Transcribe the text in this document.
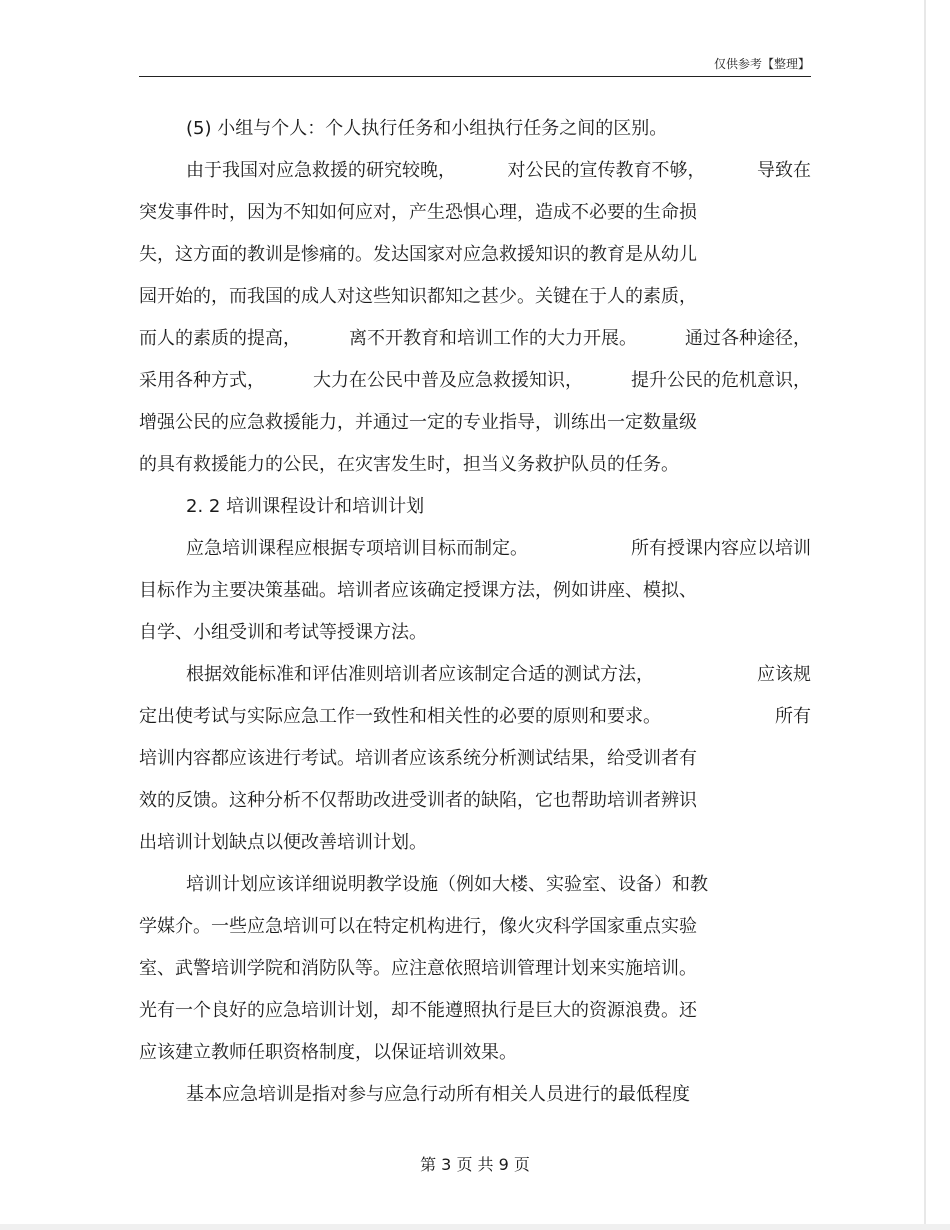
仅供参考【整理】
(5) 小组与个人：个人执行任务和小组执行任务之间的区别。
由于我国对应急救援的研究较晚，	对公民的宣传教育不够，	导致在
突发事件时，因为不知如何应对，产生恐惧心理，造成不必要的生命损
失，这方面的教训是惨痛的。发达国家对应急救援知识的教育是从幼儿
园开始的，而我国的成人对这些知识都知之甚少。关键在于人的素质，
而人的素质的提高，	离不开教育和培训工作的大力开展。	通过各种途径，
采用各种方式，	大力在公民中普及应急救援知识，	提升公民的危机意识，
增强公民的应急救援能力，并通过一定的专业指导，训练出一定数量级
的具有救援能力的公民，在灾害发生时，担当义务救护队员的任务。
2. 2 培训课程设计和培训计划
应急培训课程应根据专项培训目标而制定。	所有授课内容应以培训
目标作为主要决策基础。培训者应该确定授课方法，例如讲座、模拟、
自学、小组受训和考试等授课方法。
根据效能标准和评估准则培训者应该制定合适的测试方法，	应该规
定出使考试与实际应急工作一致性和相关性的必要的原则和要求。	所有
培训内容都应该进行考试。培训者应该系统分析测试结果，给受训者有
效的反馈。这种分析不仅帮助改进受训者的缺陷，它也帮助培训者辨识
出培训计划缺点以便改善培训计划。
培训计划应该详细说明教学设施（例如大楼、实验室、设备）和教
学媒介。一些应急培训可以在特定机构进行，像火灾科学国家重点实验
室、武警培训学院和消防队等。应注意依照培训管理计划来实施培训。
光有一个良好的应急培训计划，却不能遵照执行是巨大的资源浪费。还
应该建立教师任职资格制度，以保证培训效果。
基本应急培训是指对参与应急行动所有相关人员进行的最低程度
第 3 页 共 9 页
